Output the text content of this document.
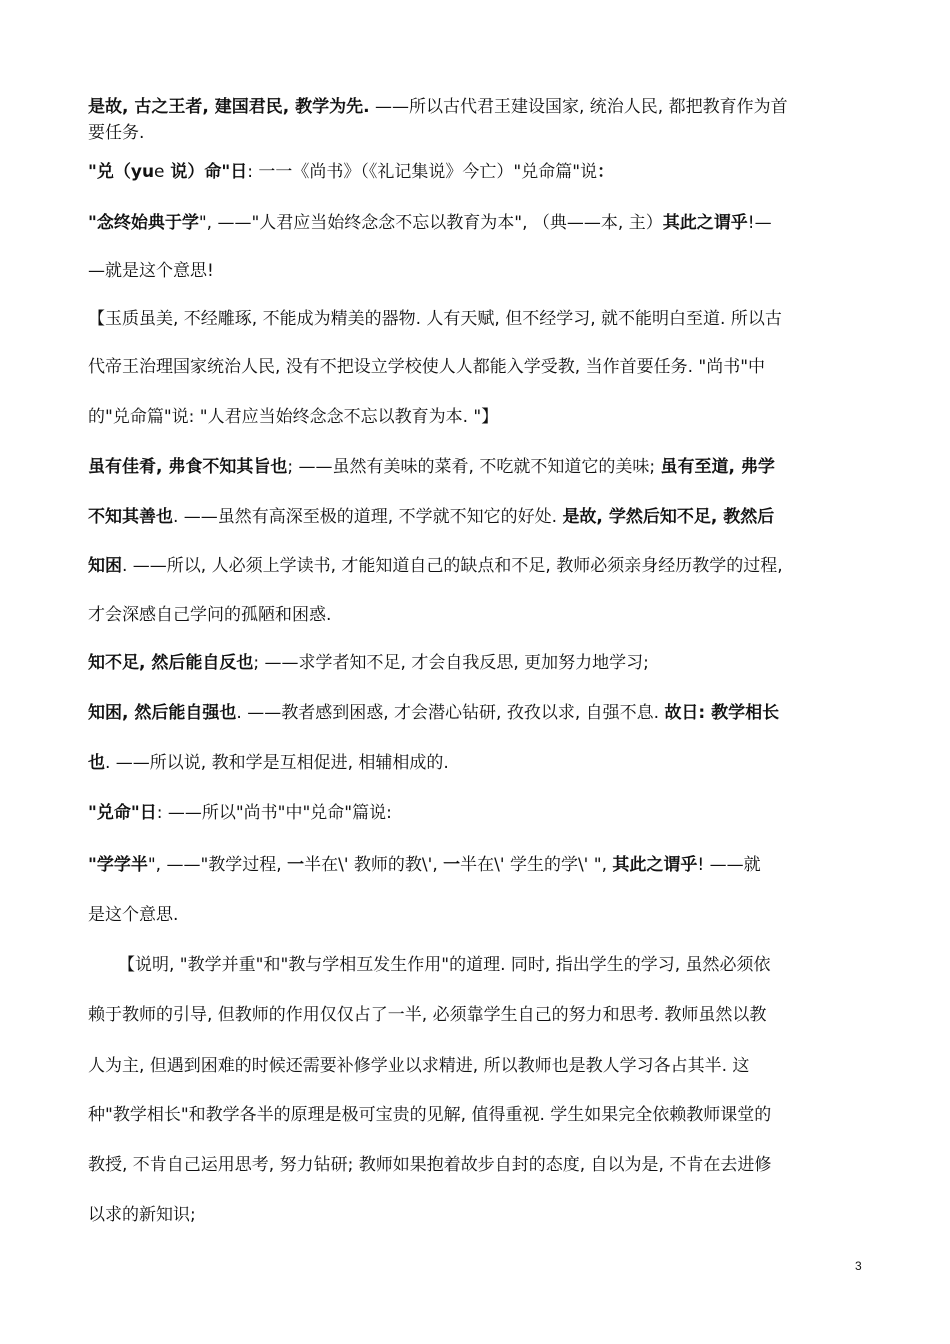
是故, 古之王者, 建国君民, 教学为先. ——所以古代君王建设国家, 统治人民, 都把教育作为首
要任务.
"兑（yue 说）命"日: 一一《尚书》（《礼记集说》今亡）"兑命篇"说：
"念终始典于学", ——"人君应当始终念念不忘以教育为本", （典——本, 主）其此之谓乎!—
—就是这个意思!
【玉质虽美, 不经雕琢, 不能成为精美的器物. 人有天赋, 但不经学习, 就不能明白至道. 所以古
代帝王治理国家统治人民, 没有不把设立学校使人人都能入学受教, 当作首要任务. "尚书"中
的"兑命篇"说: "人君应当始终念念不忘以教育为本. "】
虽有佳肴, 弗食不知其旨也; ——虽然有美味的菜肴, 不吃就不知道它的美味; 虽有至道, 弗学
不知其善也. ——虽然有高深至极的道理, 不学就不知它的好处. 是故, 学然后知不足, 教然后
知困. ——所以, 人必须上学读书, 才能知道自己的缺点和不足, 教师必须亲身经历教学的过程,
才会深感自己学问的孤陋和困惑.
知不足, 然后能自反也; ——求学者知不足, 才会自我反思, 更加努力地学习;
知困, 然后能自强也. ——教者感到困惑, 才会潜心钻研, 孜孜以求, 自强不息. 故日: 教学相长
也. ——所以说, 教和学是互相促进, 相辅相成的.
"兑命"日: ——所以"尚书"中"兑命"篇说:
"学学半", ——"教学过程, 一半在\' 教师的教\', 一半在\' 学生的学\' ", 其此之谓乎! ——就
是这个意思.
【说明, "教学并重"和"教与学相互发生作用"的道理. 同时, 指出学生的学习, 虽然必须依
赖于教师的引导, 但教师的作用仅仅占了一半, 必须靠学生自己的努力和思考. 教师虽然以教
人为主, 但遇到困难的时候还需要补修学业以求精进, 所以教师也是教人学习各占其半. 这
种"教学相长"和教学各半的原理是极可宝贵的见解, 值得重视. 学生如果完全依赖教师课堂的
教授, 不肯自己运用思考, 努力钻研; 教师如果抱着故步自封的态度, 自以为是, 不肯在去进修
以求的新知识;
3
